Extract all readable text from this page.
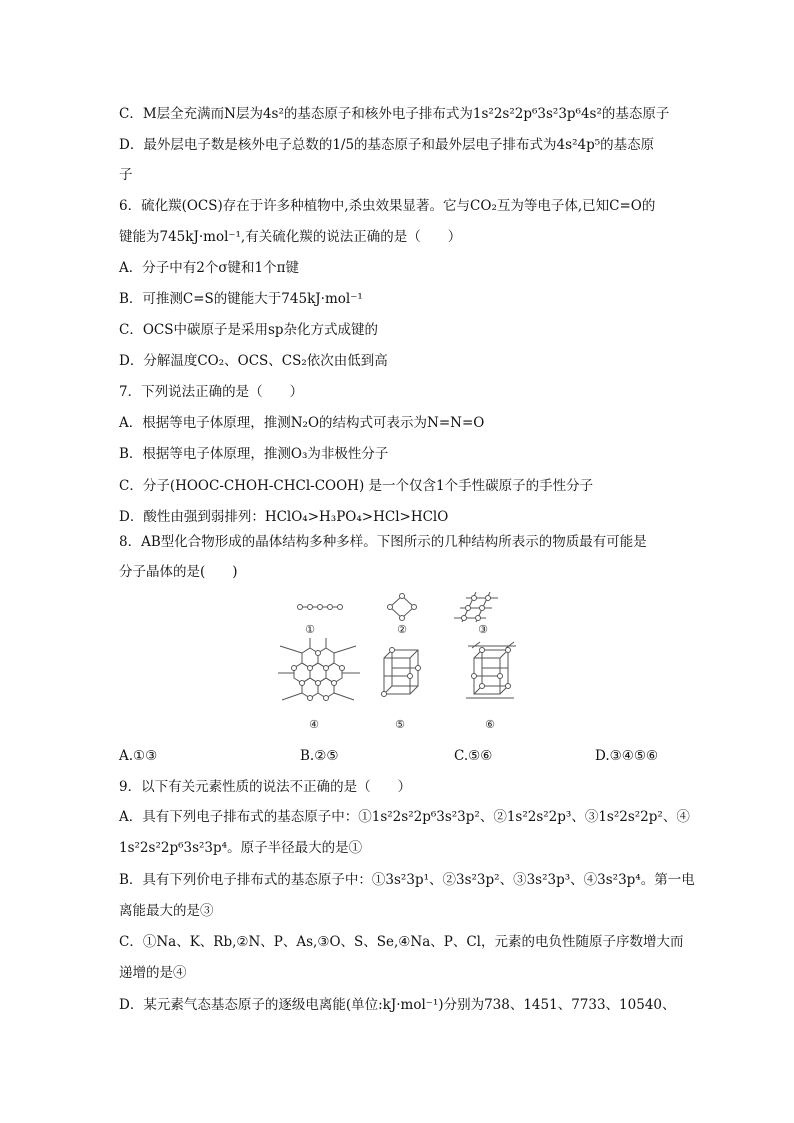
C．M层全充满而N层为4s²的基态原子和核外电子排布式为1s²2s²2p⁶3s²3p⁶4s²的基态原子
D．最外层电子数是核外电子总数的1/5的基态原子和最外层电子排布式为4s²4p⁵的基态原
子
6．硫化羰(OCS)存在于许多种植物中,杀虫效果显著。它与CO₂互为等电子体,已知C=O的
键能为745kJ·mol⁻¹,有关硫化羰的说法正确的是（　　）
A．分子中有2个σ键和1个π键
B．可推测C=S的键能大于745kJ·mol⁻¹
C．OCS中碳原子是采用sp杂化方式成键的
D．分解温度CO₂、OCS、CS₂依次由低到高
7．下列说法正确的是（　　）
A．根据等电子体原理，推测N₂O的结构式可表示为N=N=O
B．根据等电子体原理，推测O₃为非极性分子
C．分子(HOOC-CHOH-CHCl-COOH) 是一个仅含1个手性碳原子的手性分子
D．酸性由强到弱排列：HClO₄>H₃PO₄>HCl>HClO
8．AB型化合物形成的晶体结构多种多样。下图所示的几种结构所表示的物质最有可能是
分子晶体的是(　　)
①	②	③
④	⑤	⑥
A.①③	B.②⑤	C.⑤⑥	D.③④⑤⑥
9．以下有关元素性质的说法不正确的是（　　）
A．具有下列电子排布式的基态原子中：①1s²2s²2p⁶3s²3p²、②1s²2s²2p³、③1s²2s²2p²、④
1s²2s²2p⁶3s²3p⁴。原子半径最大的是①
B．具有下列价电子排布式的基态原子中：①3s²3p¹、②3s²3p²、③3s²3p³、④3s²3p⁴。第一电
离能最大的是③
C．①Na、K、Rb,②N、P、As,③O、S、Se,④Na、P、Cl，元素的电负性随原子序数增大而
递增的是④
D．某元素气态基态原子的逐级电离能(单位:kJ·mol⁻¹)分别为738、1451、7733、10540、
